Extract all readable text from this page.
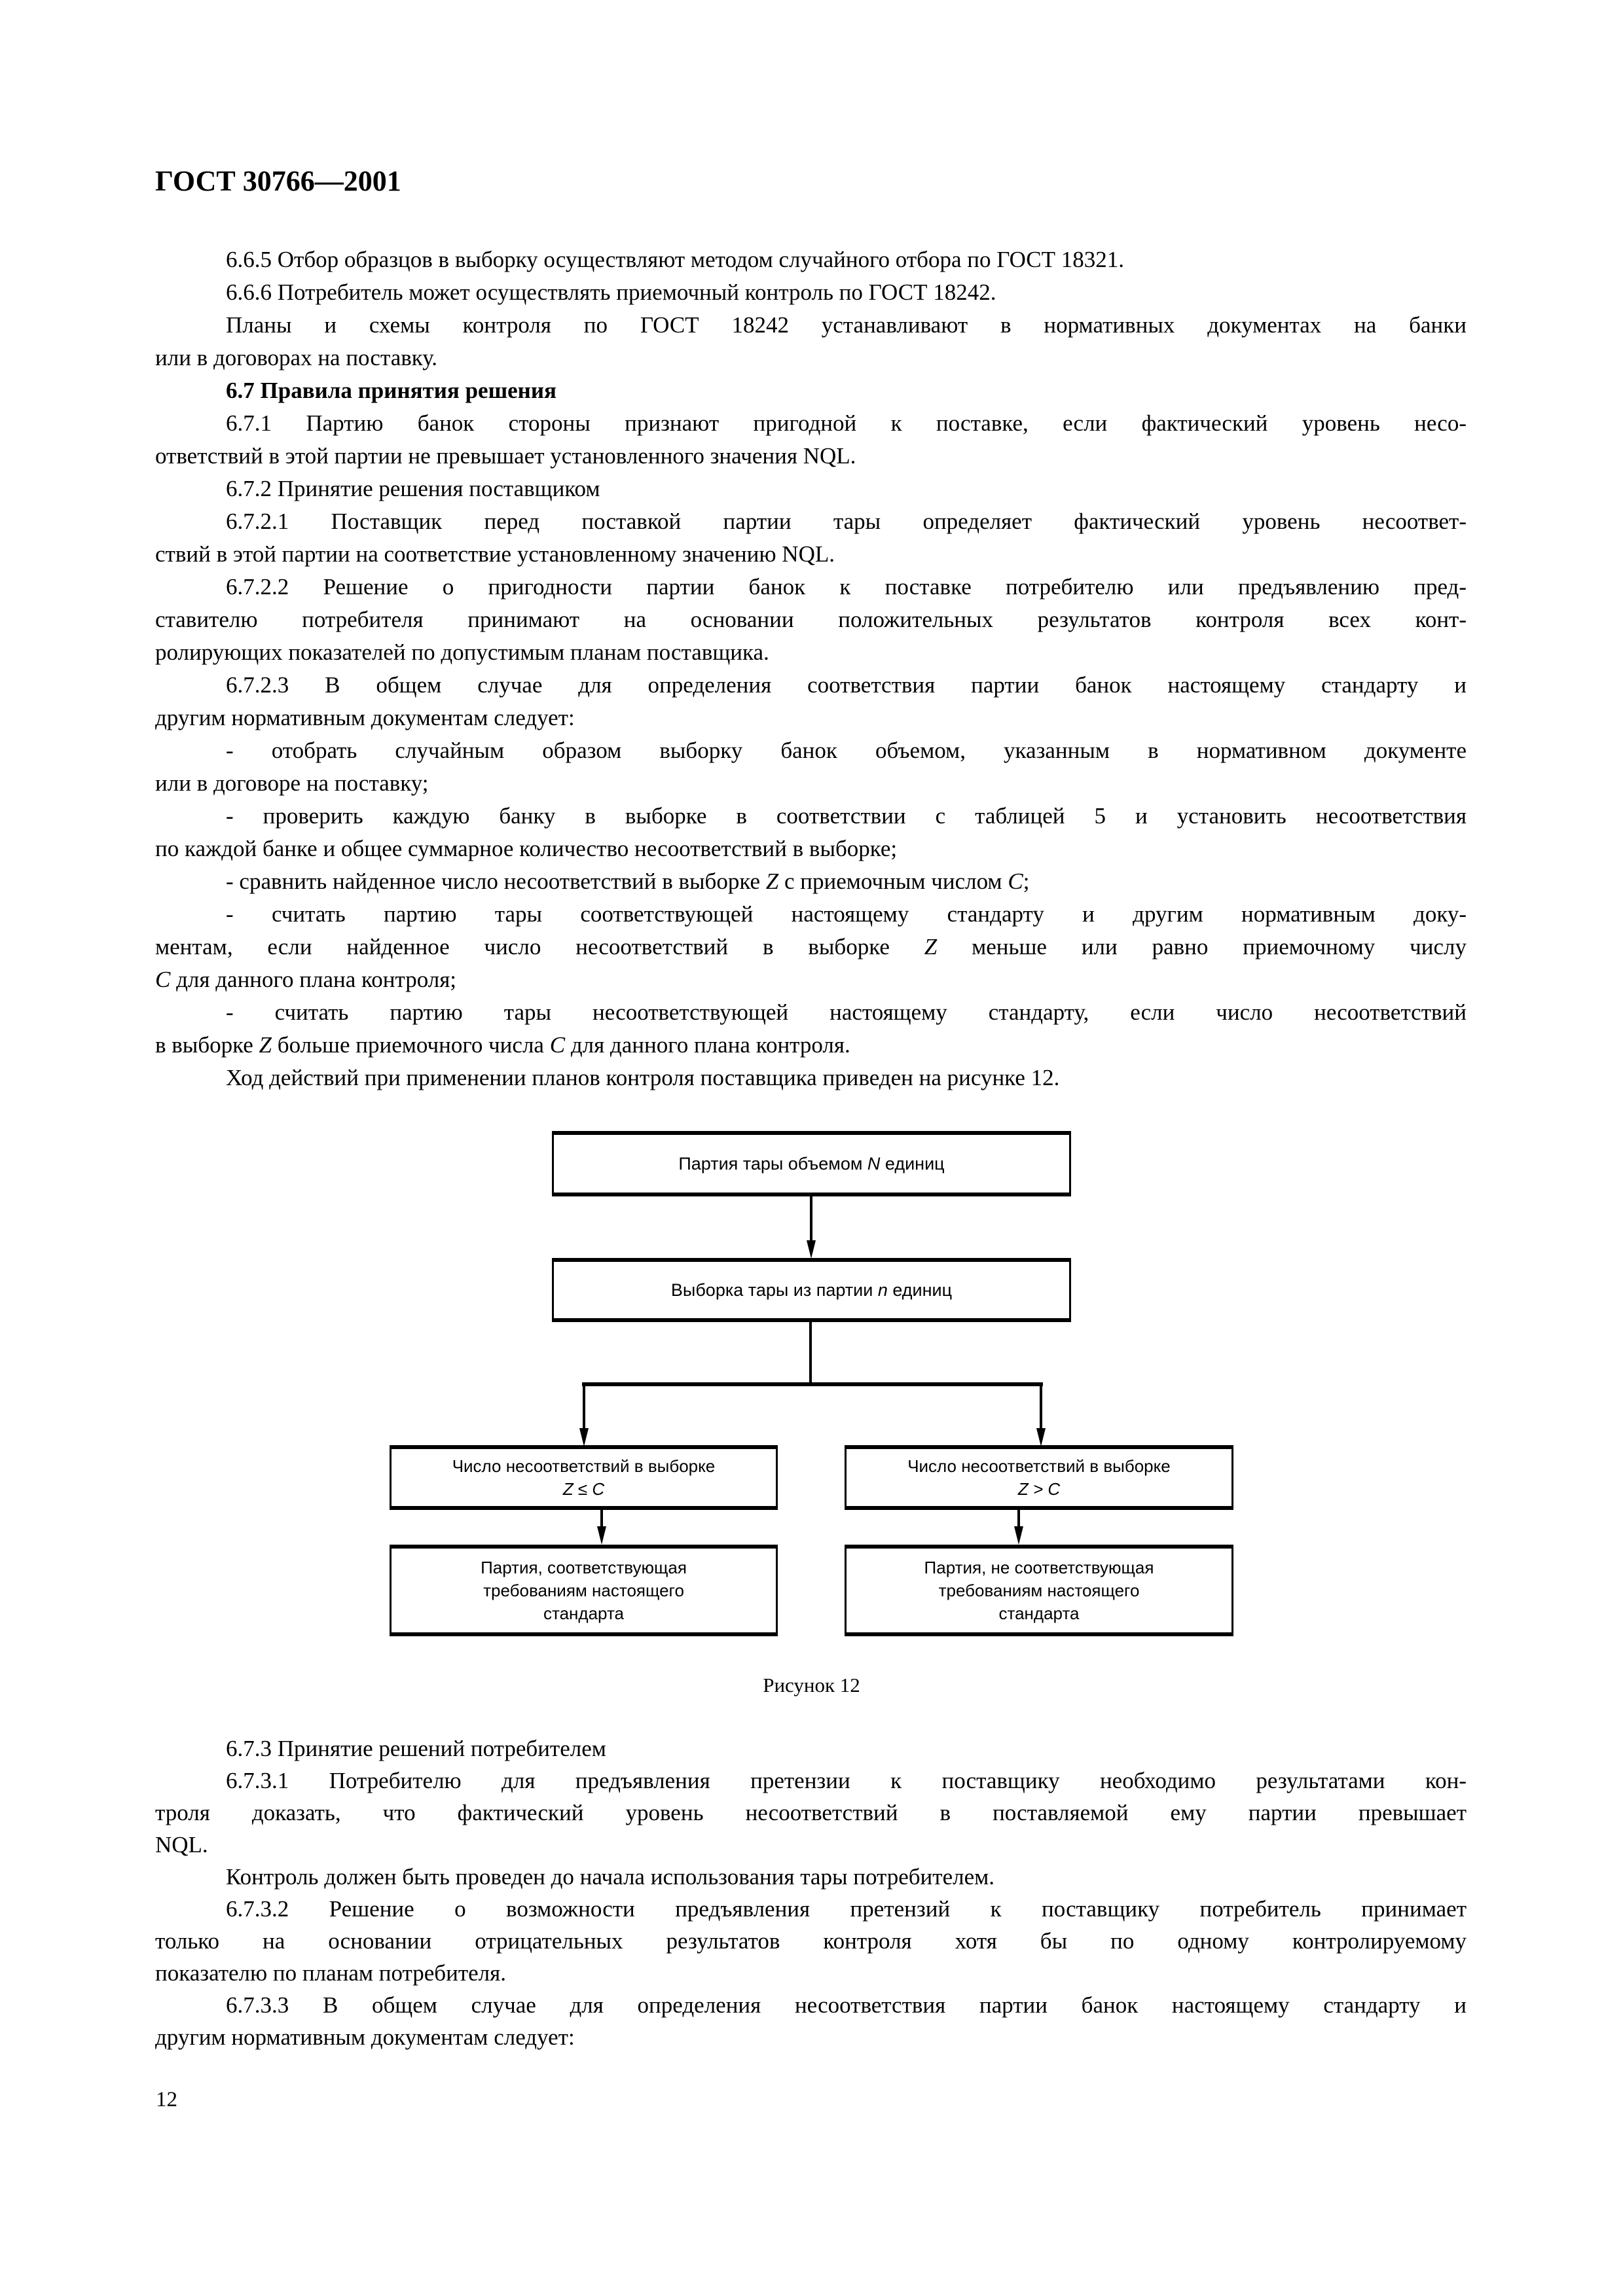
ГОСТ 30766—2001
6.6.5 Отбор образцов в выборку осуществляют методом случайного отбора по ГОСТ 18321.
6.6.6 Потребитель может осуществлять приемочный контроль по ГОСТ 18242.
Планы и схемы контроля по ГОСТ 18242 устанавливают в нормативных документах на банки
или в договорах на поставку.
6.7 Правила принятия решения
6.7.1 Партию банок стороны признают пригодной к поставке, если фактический уровень несо-
ответствий в этой партии не превышает установленного значения NQL.
6.7.2 Принятие решения поставщиком
6.7.2.1 Поставщик перед поставкой партии тары определяет фактический уровень несоответ-
ствий в этой партии на соответствие установленному значению NQL.
6.7.2.2 Решение о пригодности партии банок к поставке потребителю или предъявлению пред-
ставителю потребителя принимают на основании положительных результатов контроля всех конт-
ролирующих показателей по допустимым планам поставщика.
6.7.2.3 В общем случае для определения соответствия партии банок настоящему стандарту и
другим нормативным документам следует:
- отобрать случайным образом выборку банок объемом, указанным в нормативном документе
или в договоре на поставку;
- проверить каждую банку в выборке в соответствии с таблицей 5 и установить несоответствия
по каждой банке и общее суммарное количество несоответствий в выборке;
- сравнить найденное число несоответствий в выборке Z с приемочным числом C;
- считать партию тары соответствующей настоящему стандарту и другим нормативным доку-
ментам, если найденное число несоответствий в выборке Z меньше или равно приемочному числу
C для данного плана контроля;
- считать партию тары несоответствующей настоящему стандарту, если число несоответствий
в выборке Z больше приемочного числа C для данного плана контроля.
Ход действий при применении планов контроля поставщика приведен на рисунке 12.
Партия тары объемом N единиц
Выборка тары из партии n единиц
Число несоответствий в выборке
Z ≤ C
Число несоответствий в выборке
Z > C
Партия, соответствующая
требованиям настоящего
стандарта
Партия, не соответствующая
требованиям настоящего
стандарта
Рисунок 12
6.7.3 Принятие решений потребителем
6.7.3.1 Потребителю для предъявления претензии к поставщику необходимо результатами кон-
троля доказать, что фактический уровень несоответствий в поставляемой ему партии превышает
NQL.
Контроль должен быть проведен до начала использования тары потребителем.
6.7.3.2 Решение о возможности предъявления претензий к поставщику потребитель принимает
только на основании отрицательных результатов контроля хотя бы по одному контролируемому
показателю по планам потребителя.
6.7.3.3 В общем случае для определения несоответствия партии банок настоящему стандарту и
другим нормативным документам следует:
12
